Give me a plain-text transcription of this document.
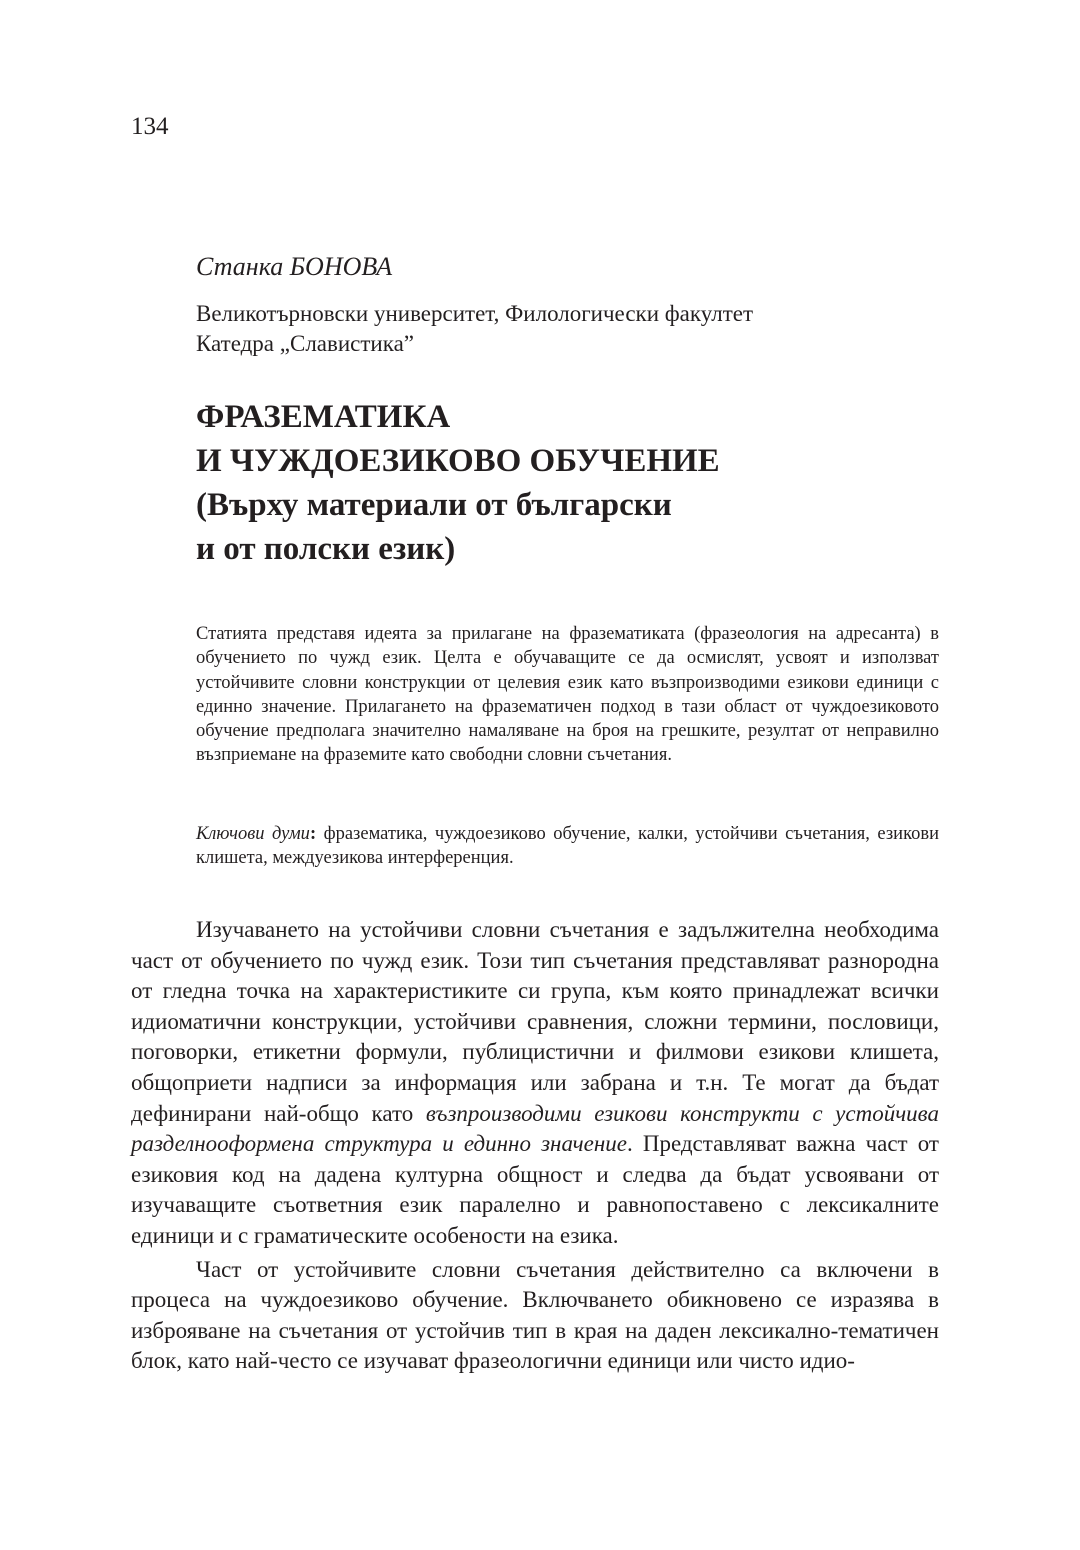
134
Станка БОНОВА
Великотърновски университет, Филологически факултет
Катедра „Славистика”
ФРАЗЕМАТИКА
И ЧУЖДОЕЗИКОВО ОБУЧЕНИЕ
(Върху материали от български
и от полски език)
Статията представя идеята за прилагане на фразематиката (фразеология на адресанта) в обучението по чужд език. Целта е обучаващите се да осмислят, усвоят и използват устойчивите словни конструкции от целевия език като възпроизводими езикови единици с единно значение. Прилагането на фразематичен подход в тази област от чуждоезиковото обучение предполага значително намаляване на броя на грешките, резултат от неправилно възприемане на фраземите като свободни словни съчетания.
Ключови думи: фразематика, чуждоезиково обучение, калки, устойчиви съчетания, езикови клишета, междуезикова интерференция.

Изучаването на устойчиви словни съчетания е задължителна необходима част от обучението по чужд език. Този тип съчетания представляват разнородна от гледна точка на характеристиките си група, към която принадлежат всички идиоматични конструкции, устойчиви сравнения, сложни термини, пословици, поговорки, етикетни формули, публицистични и филмови езикови клишета, общоприети надписи за информация или забрана и т.н. Те могат да бъдат дефинирани най-общо като възпроизводими езикови конструкти с устойчива разделнооформена структура и единно значение. Представляват важна част от езиковия код на дадена културна общност и следва да бъдат усвоявани от изучаващите съответния език паралелно и равнопоставено с лексикалните единици и с граматическите особености на езика.

Част от устойчивите словни съчетания действително са включени в процеса на чуждоезиково обучение. Включването обикновено се изразява в изброяване на съчетания от устойчив тип в края на даден лексикално-тематичен блок, като най-често се изучават фразеологични единици или чисто идио-
